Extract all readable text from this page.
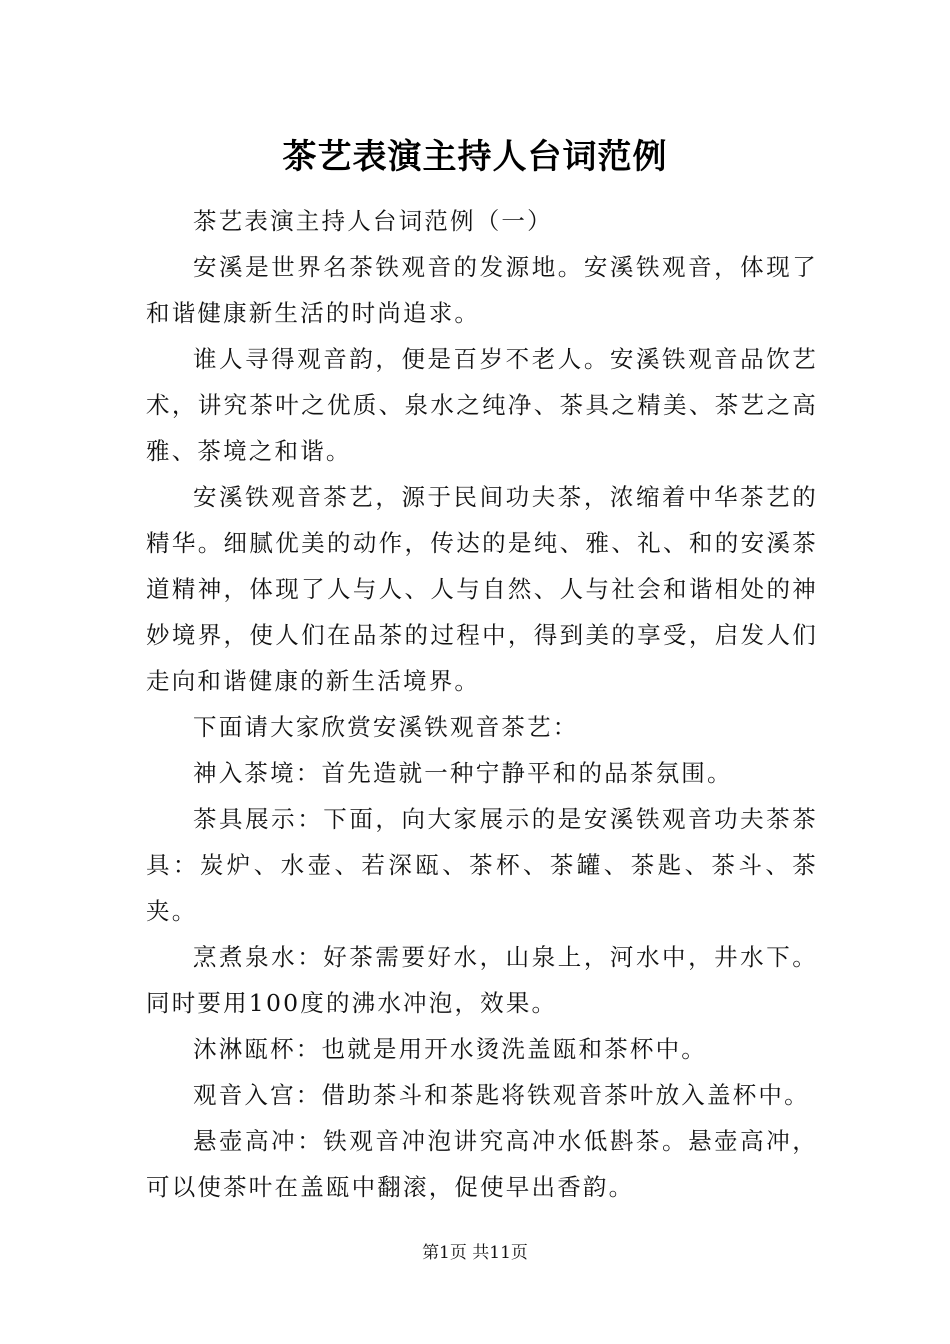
茶艺表演主持人台词范例

茶艺表演主持人台词范例（一）

安溪是世界名茶铁观音的发源地。安溪铁观音，体现了和谐健康新生活的时尚追求。

谁人寻得观音韵，便是百岁不老人。安溪铁观音品饮艺术，讲究茶叶之优质、泉水之纯净、茶具之精美、茶艺之高雅、茶境之和谐。

安溪铁观音茶艺，源于民间功夫茶，浓缩着中华茶艺的精华。细腻优美的动作，传达的是纯、雅、礼、和的安溪茶道精神，体现了人与人、人与自然、人与社会和谐相处的神妙境界，使人们在品茶的过程中，得到美的享受，启发人们走向和谐健康的新生活境界。

下面请大家欣赏安溪铁观音茶艺：

神入茶境：首先造就一种宁静平和的品茶氛围。

茶具展示：下面，向大家展示的是安溪铁观音功夫茶茶具：炭炉、水壶、若深瓯、茶杯、茶罐、茶匙、茶斗、茶夹。

烹煮泉水：好茶需要好水，山泉上，河水中，井水下。同时要用100度的沸水冲泡，效果。

沐淋瓯杯：也就是用开水烫洗盖瓯和茶杯中。

观音入宫：借助茶斗和茶匙将铁观音茶叶放入盖杯中。

悬壶高冲：铁观音冲泡讲究高冲水低斟茶。悬壶高冲，可以使茶叶在盖瓯中翻滚，促使早出香韵。

第1页 共11页
